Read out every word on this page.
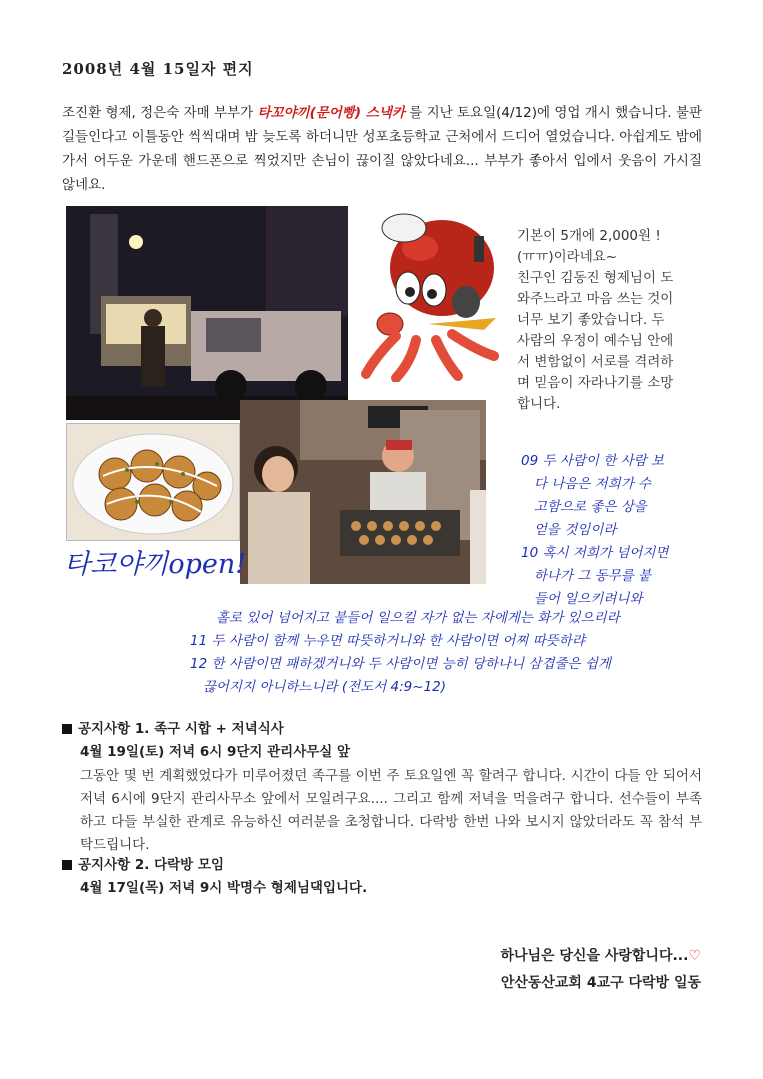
2008년 4월 15일자 편지
조진환 형제, 정은숙 자매 부부가 타꼬야끼(문어빵) 스낵카 를 지난 토요일(4/12)에 영업 개시 했습니다. 불판 길들인다고 이틀동안 씩씩대며 밤 늦도록 하더니만 성포초등학교 근처에서 드디어 열었습니다. 아쉽게도 밤에 가서 어두운 가운데 핸드폰으로 찍었지만 손님이 끊이질 않았다네요... 부부가 좋아서 입에서 웃음이 가시질 않네요.
기본이 5개에 2,000원 !
(ㅠㅠ)이라네요~
친구인 김동진 형제님이 도
와주느라고 마음 쓰는 것이
너무 보기 좋았습니다. 두
사람의 우정이 예수님 안에
서 변함없이 서로를 격려하
며 믿음이 자라나기를 소망
합니다.
타코야끼open!
09 두 사람이 한 사람 보
다 나음은 저희가 수
고함으로 좋은 상을
얻을 것임이라
10 혹시 저희가 넘어지면
하나가 그 동무를 붙
들어 일으키려니와
홀로 있어 넘어지고 붙들어 일으킬 자가 없는 자에게는 화가 있으리라
11 두 사람이 함께 누우면 따뜻하거니와 한 사람이면 어찌 따뜻하랴
12 한 사람이면 패하겠거니와 두 사람이면 능히 당하나니 삼겹줄은 쉽게
끊어지지 아니하느니라 (전도서 4:9~12)
공지사항 1. 족구 시합 + 저녁식사
4월 19일(토) 저녁 6시 9단지 관리사무실 앞
그동안 몇 번 계획했었다가 미루어졌던 족구를 이번 주 토요일엔 꼭 할려구 합니다. 시간이 다들 안 되어서 저녁 6시에 9단지 관리사무소 앞에서 모일려구요.... 그리고 함께 저녁을 먹을려구 합니다. 선수들이 부족하고 다들 부실한 관계로 유능하신 여러분을 초청합니다. 다락방 한번 나와 보시지 않았더라도 꼭 참석 부탁드립니다.
공지사항 2. 다락방 모임
4월 17일(목) 저녁 9시 박명수 형제님댁입니다.
하나님은 당신을 사랑합니다...♡
안산동산교회 4교구 다락방 일동
